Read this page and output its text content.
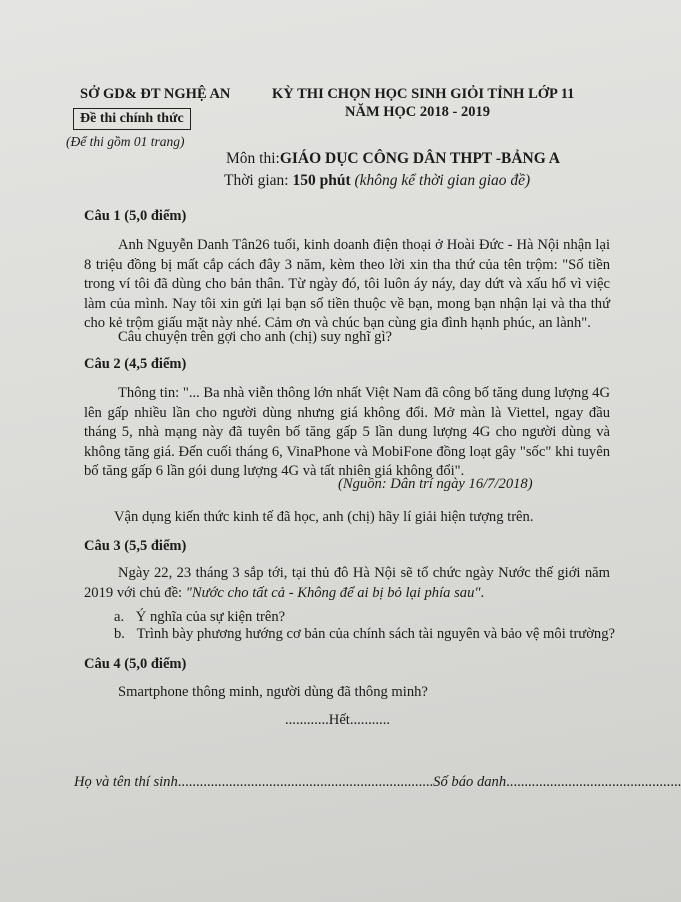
SỞ GD& ĐT NGHỆ AN
Đề thi chính thức
(Để thi gồm 01 trang)
KỲ THI CHỌN HỌC SINH GIỎI TỈNH LỚP 11
NĂM HỌC 2018 - 2019
Môn thi:GIÁO DỤC CÔNG DÂN THPT -BẢNG A
Thời gian: 150 phút (không kể thời gian giao đề)
Câu 1 (5,0 điểm)
Anh Nguyễn Danh Tân26 tuổi, kinh doanh điện thoại ở Hoài Đức - Hà Nội nhận lại 8 triệu đồng bị mất cắp cách đây 3 năm, kèm theo lời xin tha thứ của tên trộm: "Số tiền trong ví tôi đã dùng cho bản thân. Từ ngày đó, tôi luôn áy náy, day dứt và xấu hổ vì việc làm của mình. Nay tôi xin gửi lại bạn số tiền thuộc về bạn, mong bạn nhận lại và tha thứ cho kẻ trộm giấu mặt này nhé. Cảm ơn và chúc bạn cùng gia đình hạnh phúc, an lành".
Câu chuyện trên gợi cho anh (chị) suy nghĩ gì?
Câu 2 (4,5 điểm)
Thông tin: "... Ba nhà viễn thông lớn nhất Việt Nam đã công bố tăng dung lượng 4G lên gấp nhiều lần cho người dùng nhưng giá không đổi. Mở màn là Viettel, ngay đầu tháng 5, nhà mạng này đã tuyên bố tăng gấp 5 lần dung lượng 4G cho người dùng và không tăng giá. Đến cuối tháng 6, VinaPhone và MobiFone đồng loạt gây "sốc" khi tuyên bố tăng gấp 6 lần gói dung lượng 4G và tất nhiên giá không đổi".
(Nguồn: Dân trí ngày 16/7/2018)
Vận dụng kiến thức kinh tế đã học, anh (chị) hãy lí giải hiện tượng trên.
Câu 3 (5,5 điểm)
Ngày 22, 23 tháng 3 sắp tới, tại thủ đô Hà Nội sẽ tổ chức ngày Nước thế giới năm 2019 với chủ đề: "Nước cho tất cả - Không để ai bị bỏ lại phía sau".
a. Ý nghĩa của sự kiện trên?
b. Trình bày phương hướng cơ bản của chính sách tài nguyên và bảo vệ môi trường?
Câu 4 (5,0 điểm)
Smartphone thông minh, người dùng đã thông minh?
............Hết...........
Họ và tên thí sinh......................................................................Số báo danh................................................
